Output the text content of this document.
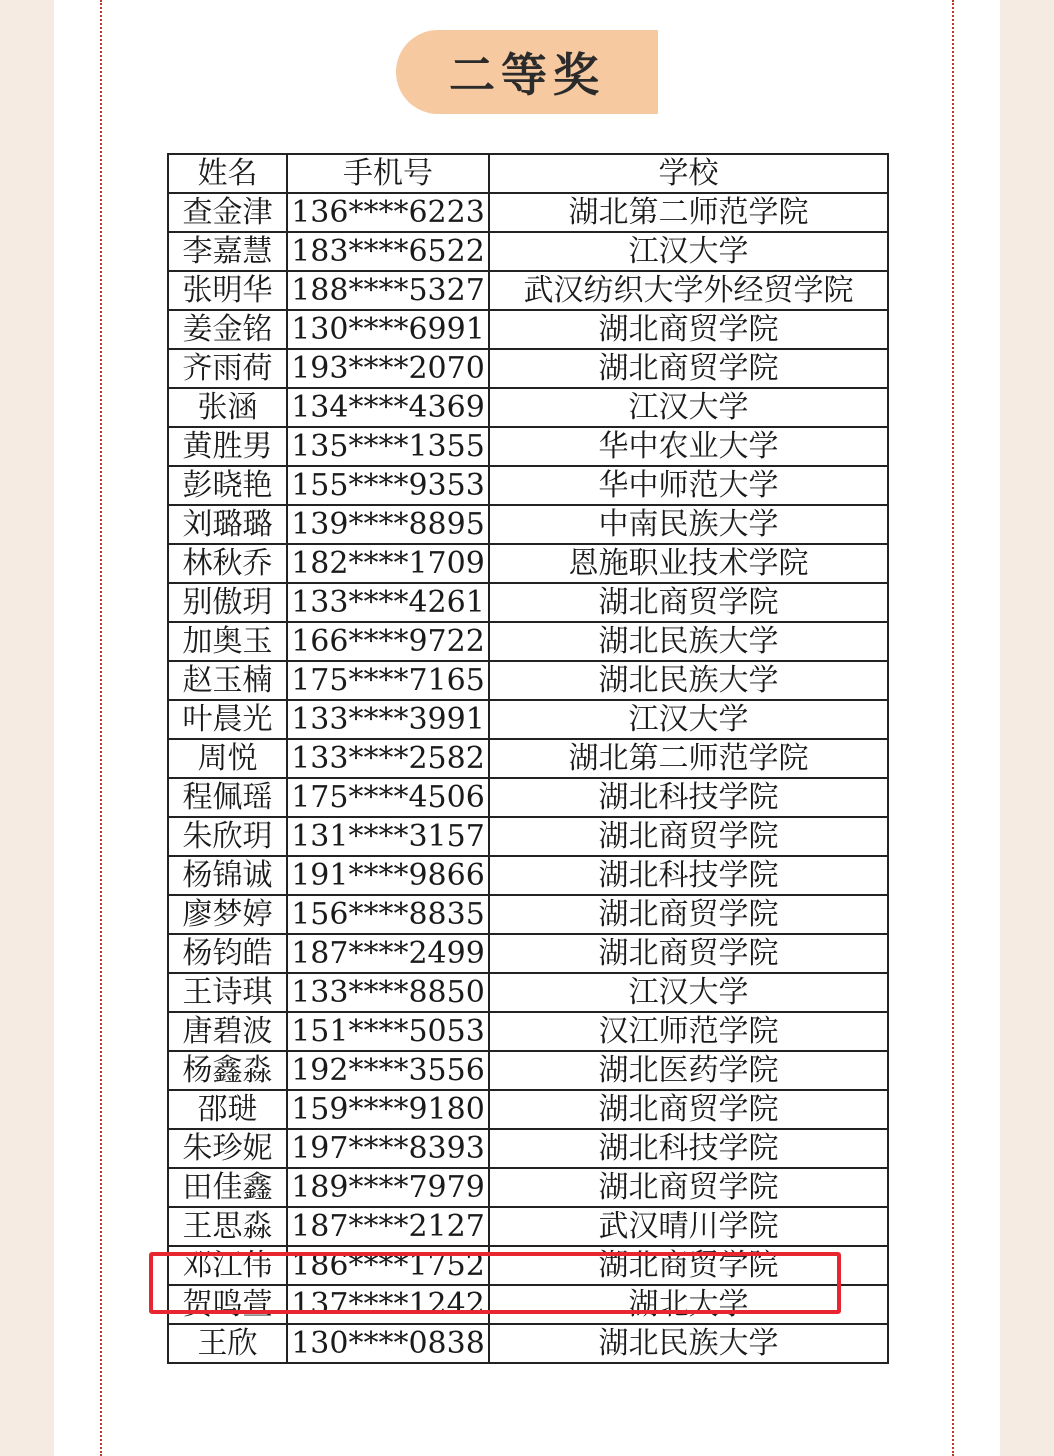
二等奖
姓名	手机号	学校
查金津	136****6223	湖北第二师范学院
李嘉慧	183****6522	江汉大学
张明华	188****5327	武汉纺织大学外经贸学院
姜金铭	130****6991	湖北商贸学院
齐雨荷	193****2070	湖北商贸学院
张涵	134****4369	江汉大学
黄胜男	135****1355	华中农业大学
彭晓艳	155****9353	华中师范大学
刘璐璐	139****8895	中南民族大学
林秋乔	182****1709	恩施职业技术学院
别傲玥	133****4261	湖北商贸学院
加奥玉	166****9722	湖北民族大学
赵玉楠	175****7165	湖北民族大学
叶晨光	133****3991	江汉大学
周悦	133****2582	湖北第二师范学院
程佩瑶	175****4506	湖北科技学院
朱欣玥	131****3157	湖北商贸学院
杨锦诚	191****9866	湖北科技学院
廖梦婷	156****8835	湖北商贸学院
杨钧皓	187****2499	湖北商贸学院
王诗琪	133****8850	江汉大学
唐碧波	151****5053	汉江师范学院
杨鑫淼	192****3556	湖北医药学院
邵琎	159****9180	湖北商贸学院
朱珍妮	197****8393	湖北科技学院
田佳鑫	189****7979	湖北商贸学院
王思淼	187****2127	武汉晴川学院
邓江伟	186****1752	湖北商贸学院
贺鸣萱	137****1242	湖北大学
王欣	130****0838	湖北民族大学
